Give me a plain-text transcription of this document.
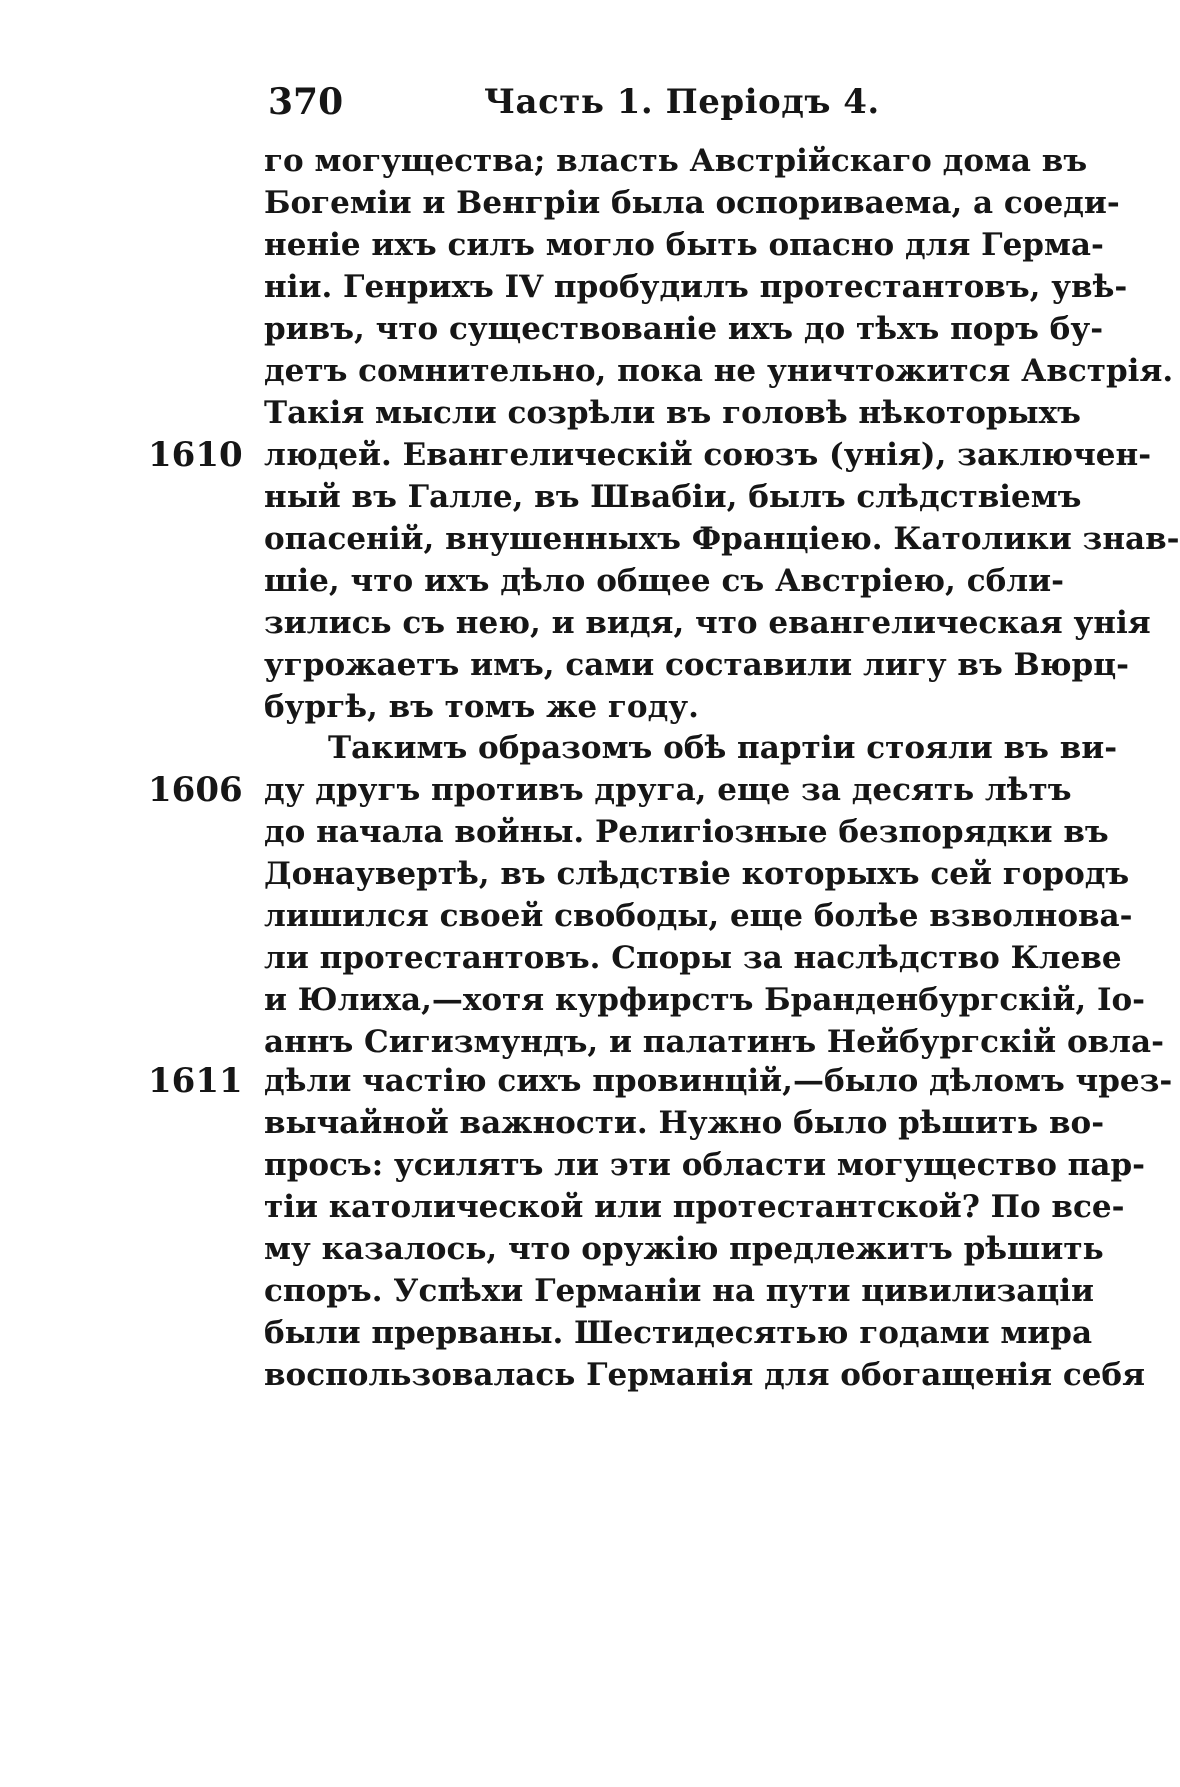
370	Часть 1. Періодъ 4.
1610
1606
1611
го могущества; власть Австрійскаго дома въ
Богеміи и Венгріи была оспориваема, а соеди-
неніе ихъ силъ могло быть опасно для Герма-
ніи. Генрихъ IV пробудилъ протестантовъ, увѣ-
ривъ, что существованіе ихъ до тѣхъ поръ бу-
детъ сомнительно, пока не уничтожится Австрія.
Такія мысли созрѣли въ головѣ нѣкоторыхъ
людей. Евангелическій союзъ (унія), заключен-
ный въ Галле, въ Швабіи, былъ слѣдствіемъ
опасеній, внушенныхъ Франціею. Католики знав-
шіе, что ихъ дѣло общее съ Австріею, сбли-
зились съ нею, и видя, что евангелическая унія
угрожаетъ имъ, сами составили лигу въ Вюрц-
бургѣ, въ томъ же году.
Такимъ образомъ обѣ партіи стояли въ ви-
ду другъ противъ друга, еще за десять лѣтъ
до начала войны. Религіозные безпорядки въ
Донаувертѣ, въ слѣдствіе которыхъ сей городъ
лишился своей свободы, еще болѣе взволнова-
ли протестантовъ. Споры за наслѣдство Клеве
и Юлиха,—хотя курфирстъ Бранденбургскій, Іо-
аннъ Сигизмундъ, и палатинъ Нейбургскій овла-
дѣли частію сихъ провинцій,—было дѣломъ чрез-
вычайной важности. Нужно было рѣшить во-
просъ: усилятъ ли эти области могущество пар-
тіи католической или протестантской? По все-
му казалось, что оружію предлежитъ рѣшить
споръ. Успѣхи Германіи на пути цивилизаціи
были прерваны. Шестидесятью годами мира
воспользовалась Германія для обогащенія себя
